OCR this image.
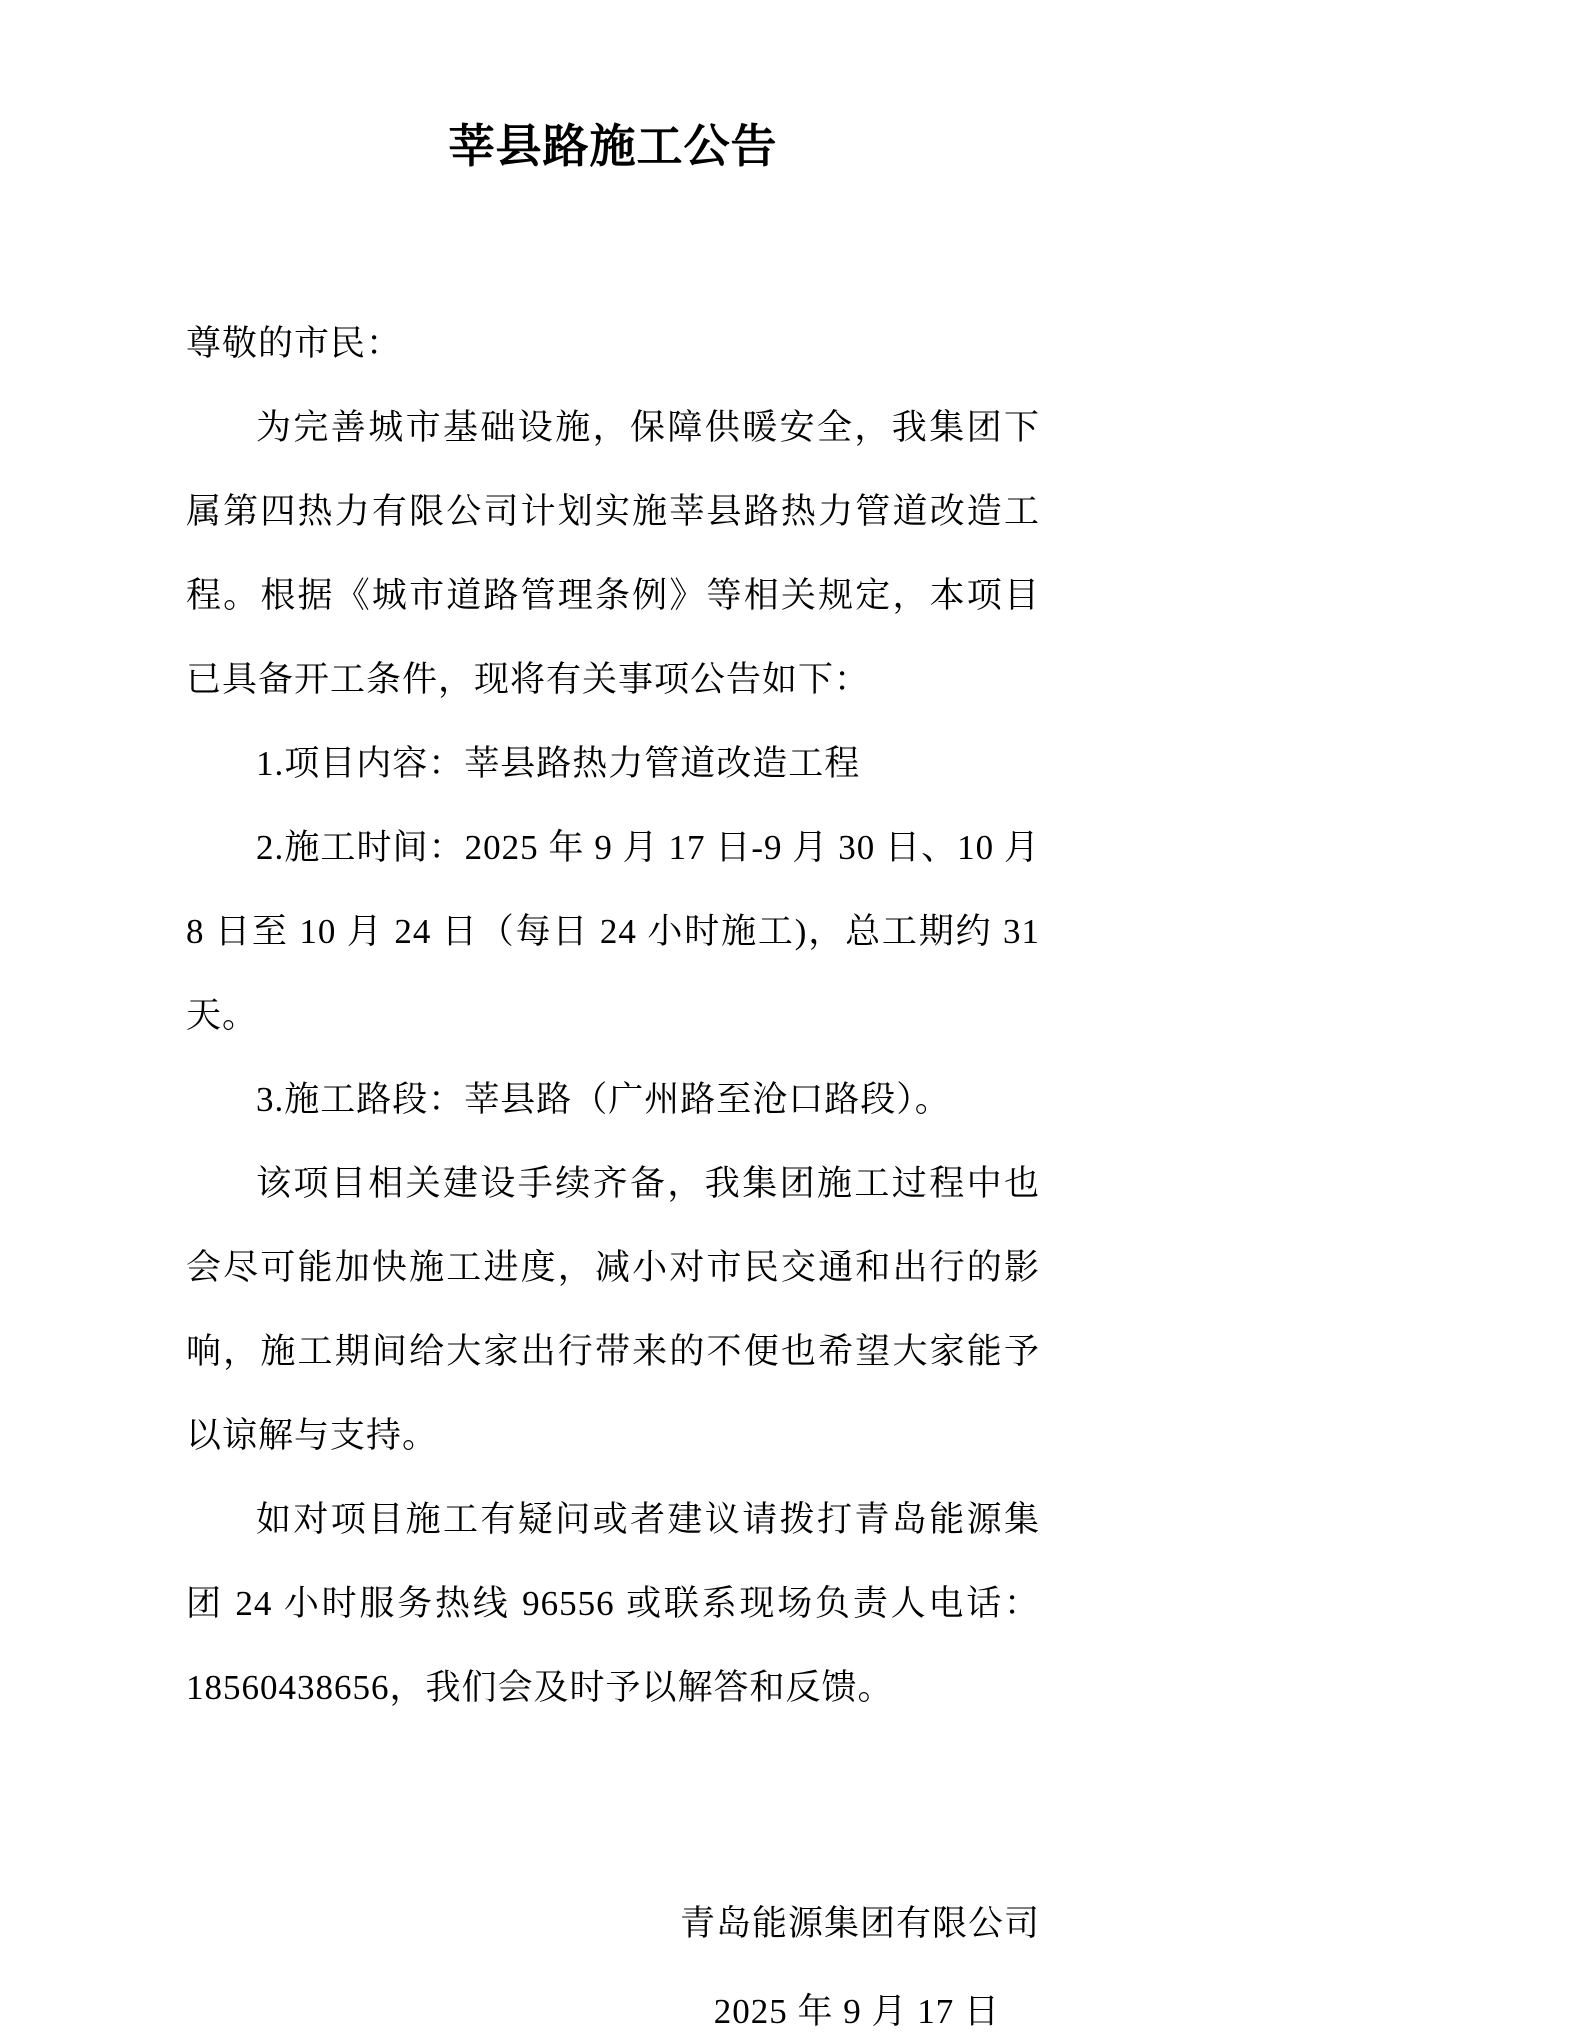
莘县路施工公告

尊敬的市民：

为完善城市基础设施，保障供暖安全，我集团下属第四热力有限公司计划实施莘县路热力管道改造工程。根据《城市道路管理条例》等相关规定，本项目已具备开工条件，现将有关事项公告如下：

1.项目内容：莘县路热力管道改造工程

2.施工时间：2025 年 9 月 17 日-9 月 30 日、10 月 8 日至 10 月 24 日（每日 24 小时施工)，总工期约 31 天。

3.施工路段：莘县路（广州路至沧口路段）。

该项目相关建设手续齐备，我集团施工过程中也会尽可能加快施工进度，减小对市民交通和出行的影响，施工期间给大家出行带来的不便也希望大家能予以谅解与支持。

如对项目施工有疑问或者建议请拨打青岛能源集团 24 小时服务热线 96556 或联系现场负责人电话：18560438656，我们会及时予以解答和反馈。

青岛能源集团有限公司

2025 年 9 月 17 日
